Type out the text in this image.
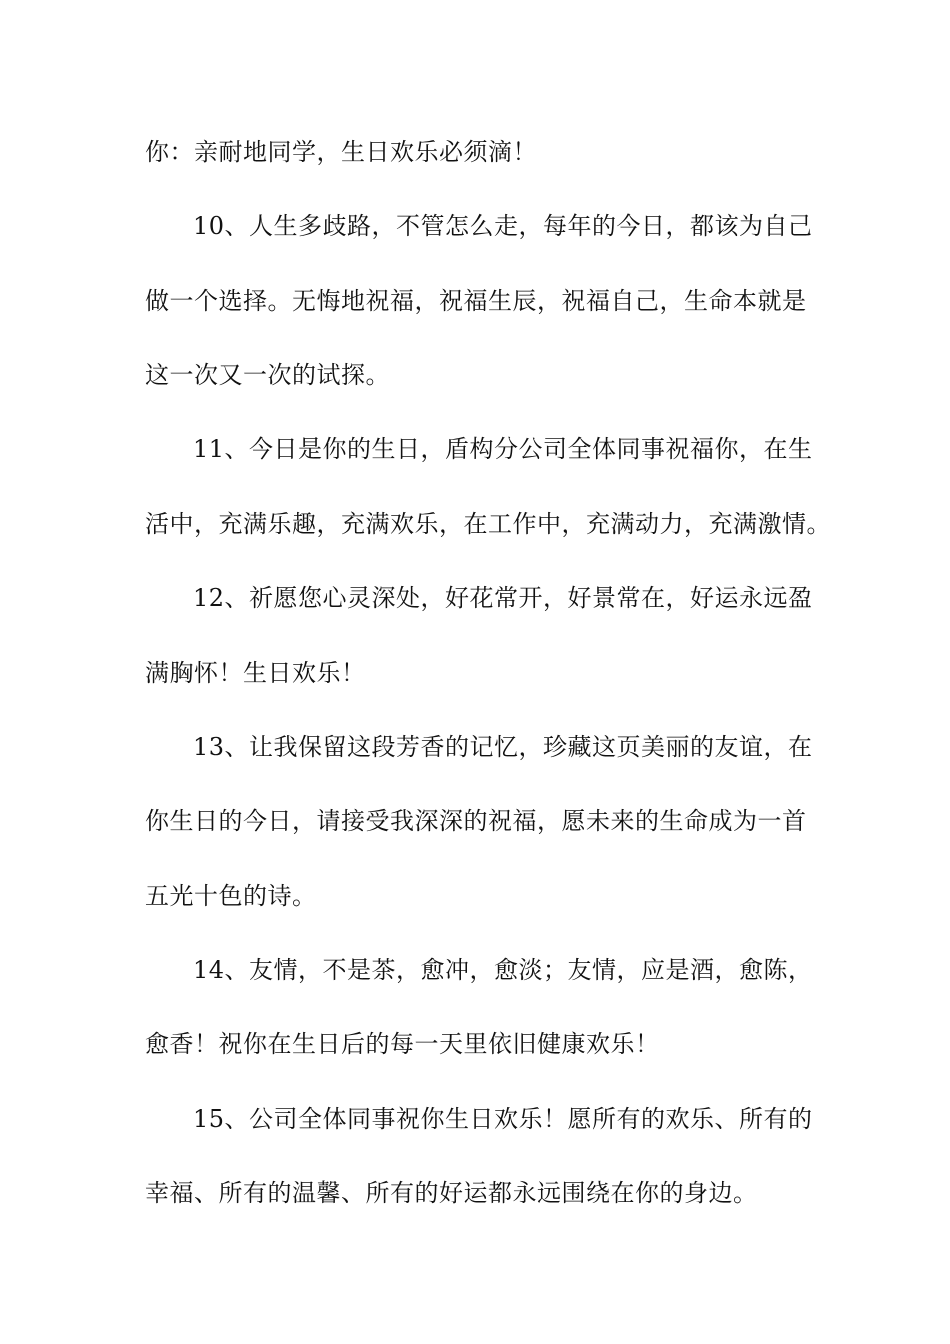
你：亲耐地同学，生日欢乐必须滴！
10、人生多歧路，不管怎么走，每年的今日，都该为自己
做一个选择。无悔地祝福，祝福生辰，祝福自己，生命本就是
这一次又一次的试探。
11、今日是你的生日，盾构分公司全体同事祝福你，在生
活中，充满乐趣，充满欢乐，在工作中，充满动力，充满激情。
12、祈愿您心灵深处，好花常开，好景常在，好运永远盈
满胸怀！生日欢乐！
13、让我保留这段芳香的记忆，珍藏这页美丽的友谊，在
你生日的今日，请接受我深深的祝福，愿未来的生命成为一首
五光十色的诗。
14、友情，不是茶，愈冲，愈淡；友情，应是酒，愈陈，
愈香！祝你在生日后的每一天里依旧健康欢乐！
15、公司全体同事祝你生日欢乐！愿所有的欢乐、所有的
幸福、所有的温馨、所有的好运都永远围绕在你的身边。
